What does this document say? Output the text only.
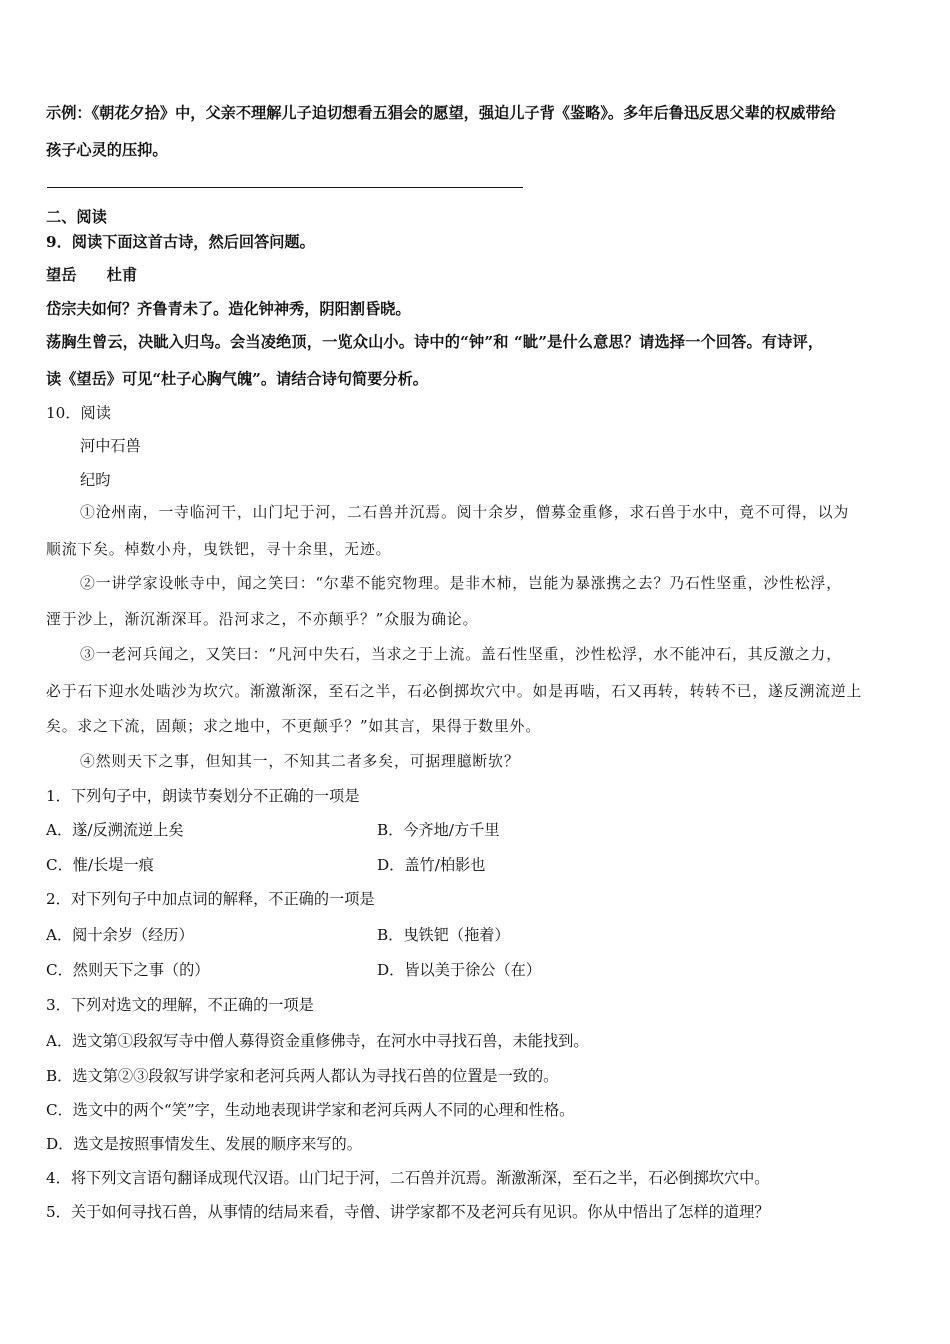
示例：《朝花夕拾》中，父亲不理解儿子迫切想看五猖会的愿望，强迫儿子背《鉴略》。多年后鲁迅反思父辈的权威带给
孩子心灵的压抑。
二、阅读
9．阅读下面这首古诗，然后回答问题。
望岳　　杜甫
岱宗夫如何？齐鲁青未了。造化钟神秀，阴阳割昏晓。
荡胸生曾云，决眦入归鸟。会当凌绝顶，一览众山小。诗中的“钟”和 “眦”是什么意思？请选择一个回答。有诗评，
读《望岳》可见“杜子心胸气魄”。请结合诗句简要分析。
10．阅读
河中石兽
纪昀
①沧州南，一寺临河干，山门圮于河，二石兽并沉焉。阅十余岁，僧募金重修，求石兽于水中，竟不可得，以为
顺流下矣。棹数小舟，曳铁钯，寻十余里，无迹。
②一讲学家设帐寺中，闻之笑曰：“尔辈不能究物理。是非木柿，岂能为暴涨携之去？乃石性坚重，沙性松浮，
湮于沙上，渐沉渐深耳。沿河求之，不亦颠乎？”众服为确论。
③一老河兵闻之，又笑曰：“凡河中失石，当求之于上流。盖石性坚重，沙性松浮，水不能冲石，其反激之力，
必于石下迎水处啮沙为坎穴。渐激渐深，至石之半，石必倒掷坎穴中。如是再啮，石又再转，转转不已，遂反溯流逆上
矣。求之下流，固颠；求之地中，不更颠乎？”如其言，果得于数里外。
④然则天下之事，但知其一，不知其二者多矣，可据理臆断欤？
1．下列句子中，朗读节奏划分不正确的一项是
A．遂/反溯流逆上矣	B．今齐地/方千里
C．惟/长堤一痕	D．盖竹/柏影也
2．对下列句子中加点词的解释，不正确的一项是
A．阅十余岁（经历）	B．曳铁钯（拖着）
C．然则天下之事（的）	D．皆以美于徐公（在）
3．下列对选文的理解，不正确的一项是
A．选文第①段叙写寺中僧人募得资金重修佛寺，在河水中寻找石兽，未能找到。
B．选文第②③段叙写讲学家和老河兵两人都认为寻找石兽的位置是一致的。
C．选文中的两个“笑”字，生动地表现讲学家和老河兵两人不同的心理和性格。
D．选文是按照事情发生、发展的顺序来写的。
4．将下列文言语句翻译成现代汉语。山门圮于河，二石兽并沉焉。渐激渐深，至石之半，石必倒掷坎穴中。
5．关于如何寻找石兽，从事情的结局来看，寺僧、讲学家都不及老河兵有见识。你从中悟出了怎样的道理？
